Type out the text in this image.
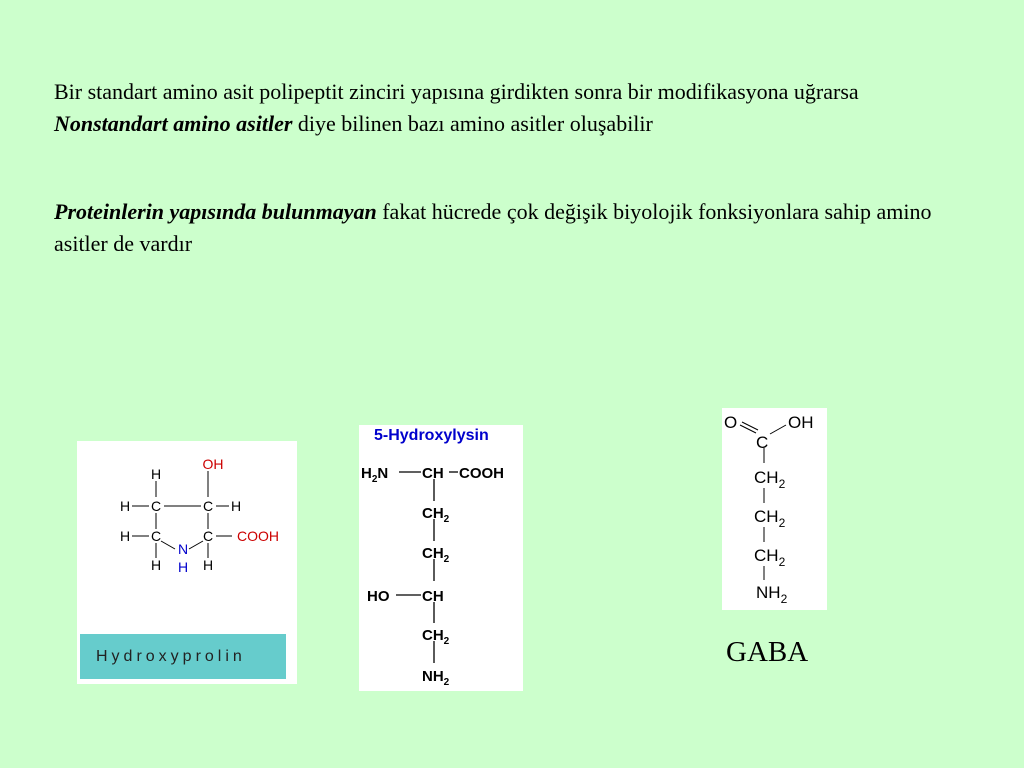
Bir standart amino asit polipeptit zinciri yapısına girdikten sonra bir modifikasyona uğrarsa Nonstandart amino asitler diye bilinen bazı amino asitler oluşabilir

Proteinlerin yapısında bulunmayan fakat hücrede çok değişik biyolojik fonksiyonlara sahip amino asitler de vardır

H
OH
H C	C H
H C	C COOH
N
H H H
Hydroxyprolin
5-Hydroxylysin
$H_2N$ CH COOH
$CH_2$
$CH_2$
HO CH
$CH_2$
$NH_2$
O
C
OH
$CH_2$
$CH_2$
$CH_2$
$NH_2$
GABA
